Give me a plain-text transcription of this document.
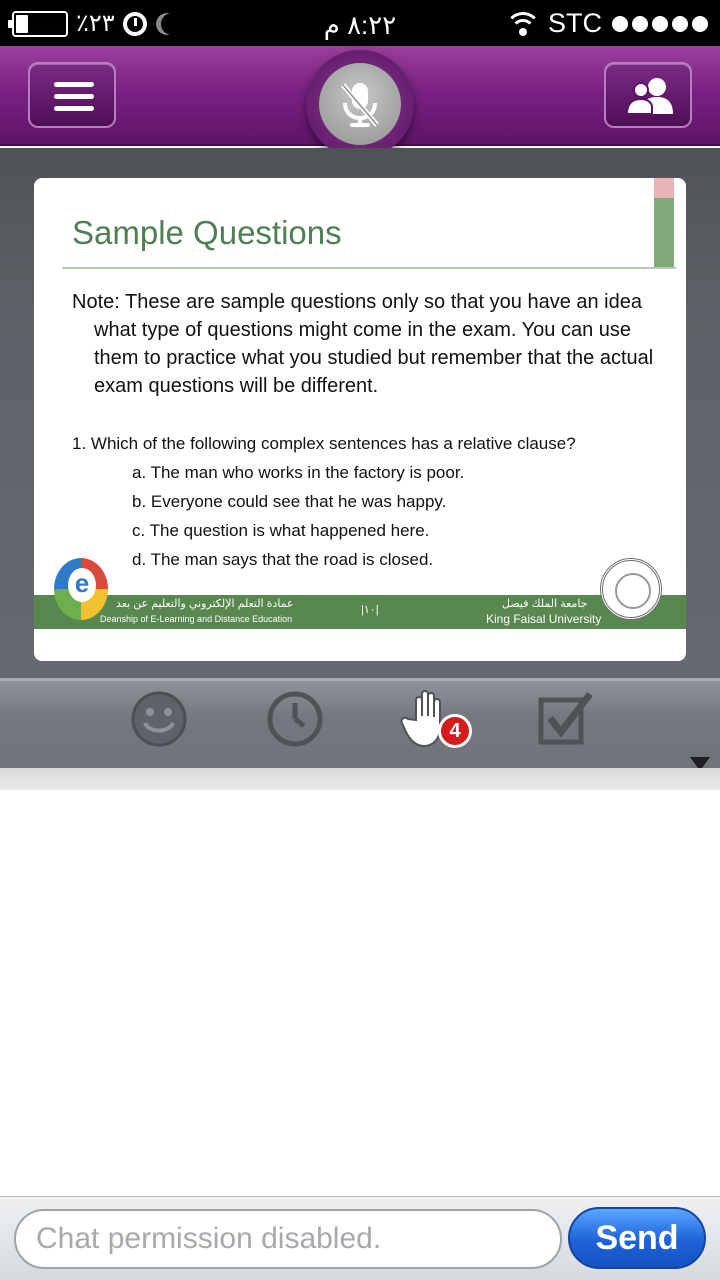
٪٢٣	٨:٢٢ م	STC
Sample Questions
Note: These are sample questions only so that you have an idea what type of questions might come in the exam. You can use them to practice what you studied but remember that the actual exam questions will be different.
1. Which of the following complex sentences has a relative clause?
a. The man who works in the factory is poor.
b. Everyone could see that he was happy.
c. The question is what happened here.
d. The man says that the road is closed.
عمادة التعلم الإلكتروني والتعليم عن بعد
Deanship of E-Learning and Distance Education
|١٠|	جامعة الملك فيصل
King Faisal University
e
4
Chat permission disabled.
Send
